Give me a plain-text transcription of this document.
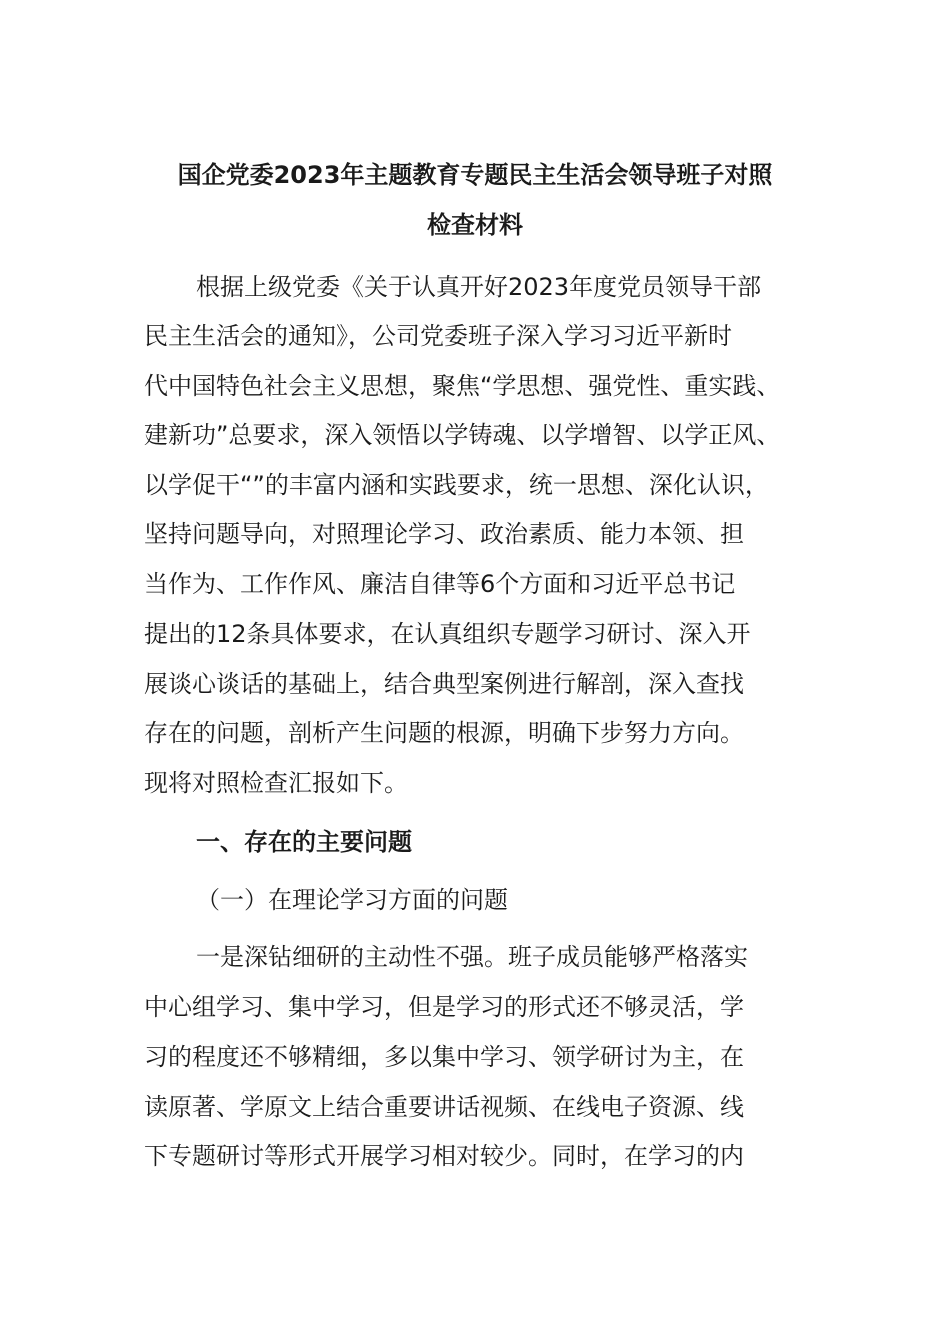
国企党委2023年主题教育专题民主生活会领导班子对照

检查材料

根据上级党委《关于认真开好2023年度党员领导干部

民主生活会的通知》，公司党委班子深入学习习近平新时

代中国特色社会主义思想，聚焦“学思想、强党性、重实践、

建新功”总要求，深入领悟以学铸魂、以学增智、以学正风、

以学促干“”的丰富内涵和实践要求，统一思想、深化认识，

坚持问题导向，对照理论学习、政治素质、能力本领、担

当作为、工作作风、廉洁自律等6个方面和习近平总书记

提出的12条具体要求，在认真组织专题学习研讨、深入开

展谈心谈话的基础上，结合典型案例进行解剖，深入查找

存在的问题，剖析产生问题的根源，明确下步努力方向。

现将对照检查汇报如下。

一、存在的主要问题

（一）在理论学习方面的问题

一是深钻细研的主动性不强。班子成员能够严格落实

中心组学习、集中学习，但是学习的形式还不够灵活，学

习的程度还不够精细，多以集中学习、领学研讨为主，在

读原著、学原文上结合重要讲话视频、在线电子资源、线

下专题研讨等形式开展学习相对较少。同时，在学习的内
